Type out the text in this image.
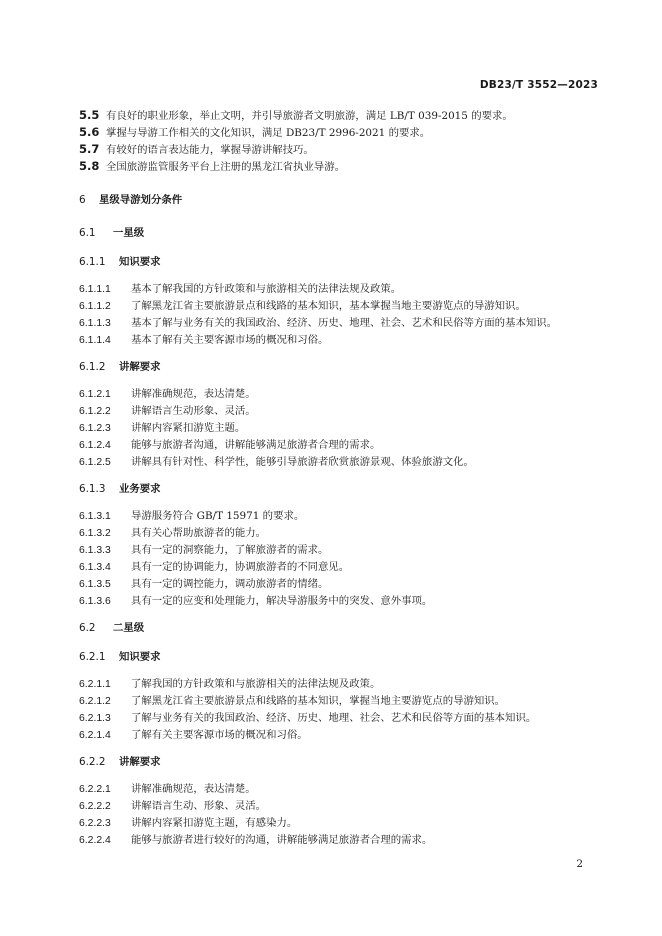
DB23/T 3552—2023
5.5 有良好的职业形象，举止文明，并引导旅游者文明旅游，满足 LB/T 039-2015 的要求。
5.6 掌握与导游工作相关的文化知识，满足 DB23/T 2996-2021 的要求。
5.7 有较好的语言表达能力，掌握导游讲解技巧。
5.8 全国旅游监管服务平台上注册的黑龙江省执业导游。
6 星级导游划分条件
6.1 一星级
6.1.1 知识要求
6.1.1.1 基本了解我国的方针政策和与旅游相关的法律法规及政策。
6.1.1.2 了解黑龙江省主要旅游景点和线路的基本知识，基本掌握当地主要游览点的导游知识。
6.1.1.3 基本了解与业务有关的我国政治、经济、历史、地理、社会、艺术和民俗等方面的基本知识。
6.1.1.4 基本了解有关主要客源市场的概况和习俗。
6.1.2 讲解要求
6.1.2.1 讲解准确规范，表达清楚。
6.1.2.2 讲解语言生动形象、灵活。
6.1.2.3 讲解内容紧扣游览主题。
6.1.2.4 能够与旅游者沟通，讲解能够满足旅游者合理的需求。
6.1.2.5 讲解具有针对性、科学性，能够引导旅游者欣赏旅游景观、体验旅游文化。
6.1.3 业务要求
6.1.3.1 导游服务符合 GB/T 15971 的要求。
6.1.3.2 具有关心帮助旅游者的能力。
6.1.3.3 具有一定的洞察能力，了解旅游者的需求。
6.1.3.4 具有一定的协调能力，协调旅游者的不同意见。
6.1.3.5 具有一定的调控能力，调动旅游者的情绪。
6.1.3.6 具有一定的应变和处理能力，解决导游服务中的突发、意外事项。
6.2 二星级
6.2.1 知识要求
6.2.1.1 了解我国的方针政策和与旅游相关的法律法规及政策。
6.2.1.2 了解黑龙江省主要旅游景点和线路的基本知识，掌握当地主要游览点的导游知识。
6.2.1.3 了解与业务有关的我国政治、经济、历史、地理、社会、艺术和民俗等方面的基本知识。
6.2.1.4 了解有关主要客源市场的概况和习俗。
6.2.2 讲解要求
6.2.2.1 讲解准确规范，表达清楚。
6.2.2.2 讲解语言生动、形象、灵活。
6.2.2.3 讲解内容紧扣游览主题，有感染力。
6.2.2.4 能够与旅游者进行较好的沟通，讲解能够满足旅游者合理的需求。
2
